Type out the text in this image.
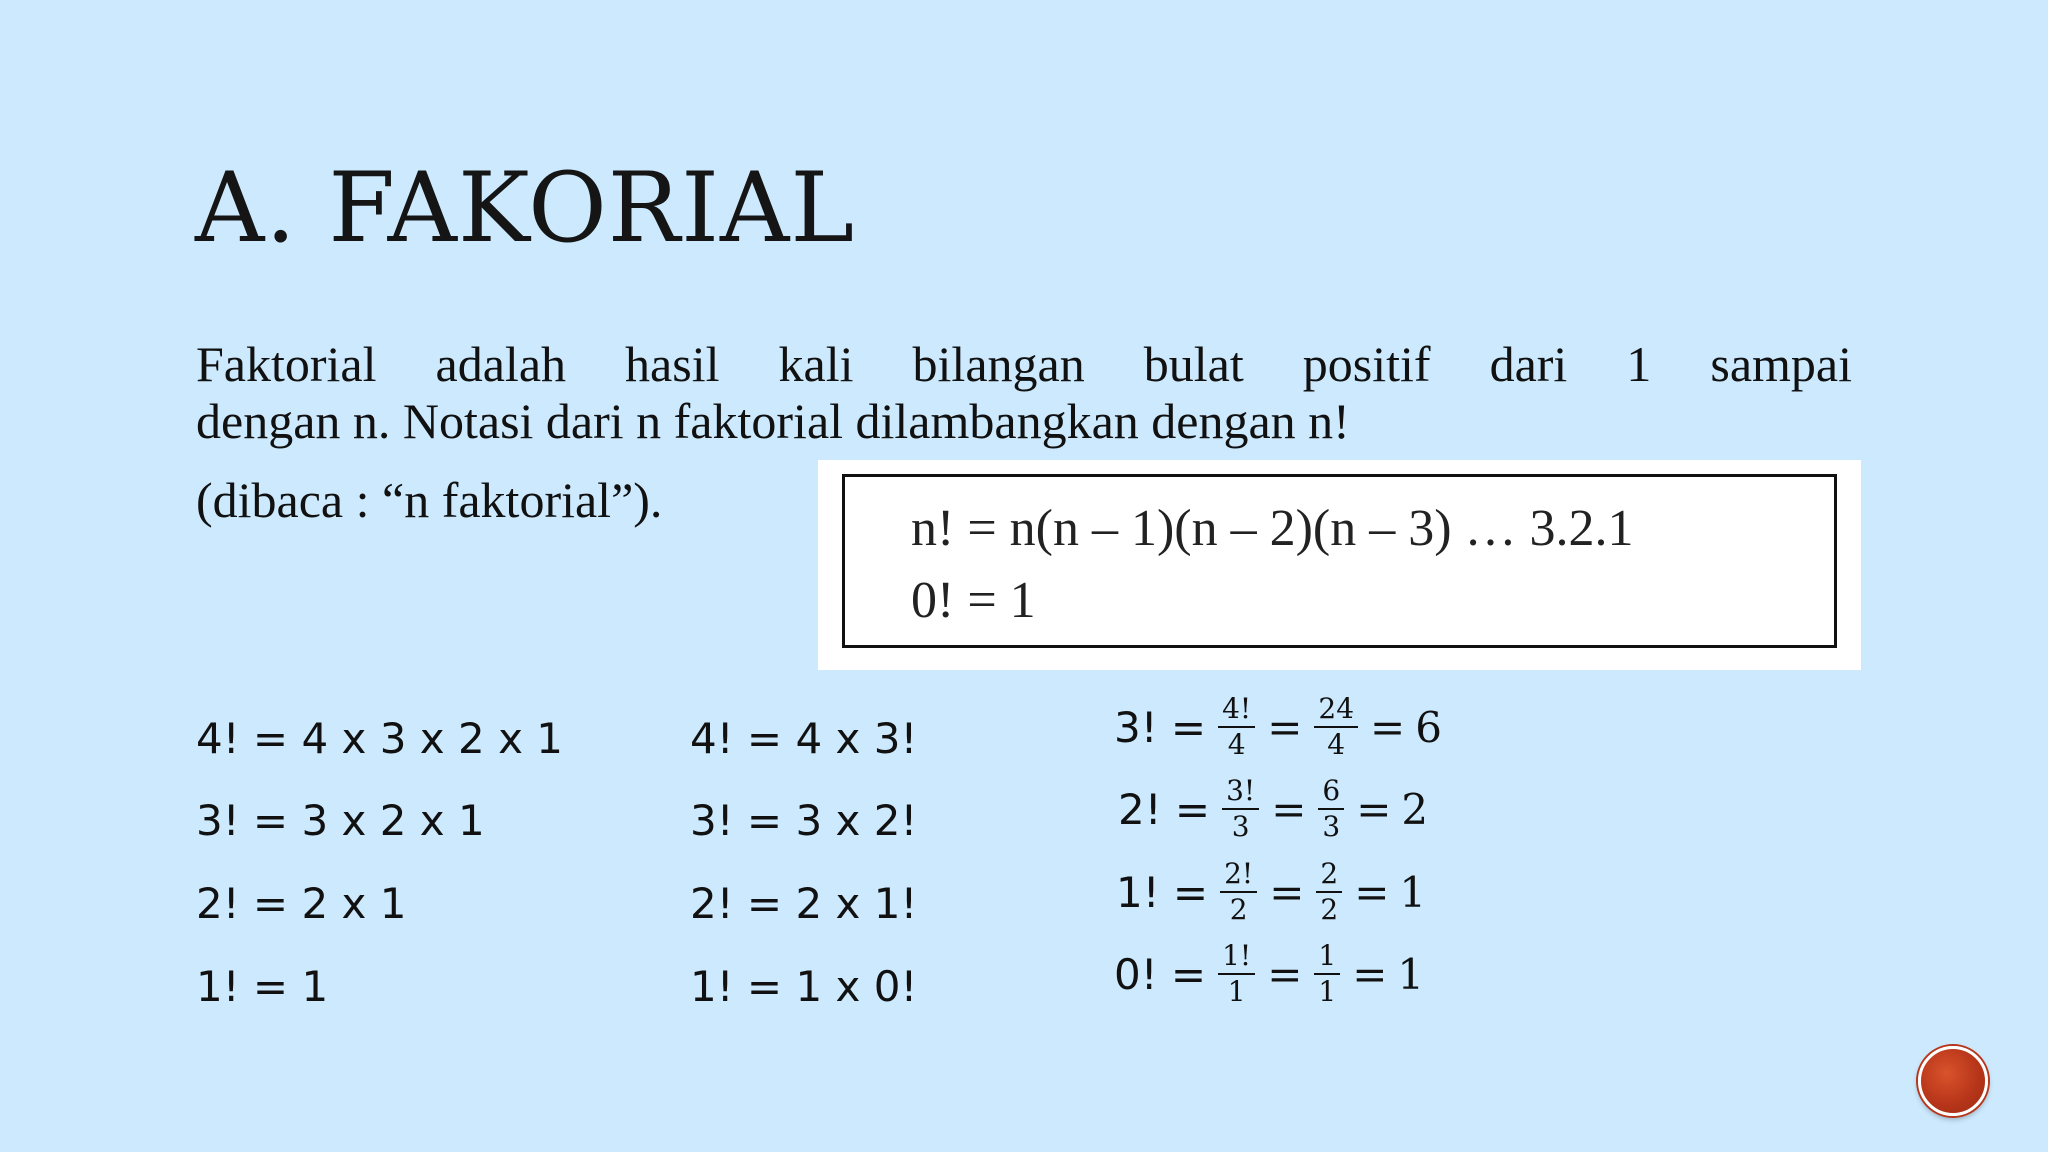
A. FAKORIAL
Faktorial adalah hasil kali bilangan bulat positif dari 1 sampai
dengan n. Notasi dari n faktorial dilambangkan dengan n!
(dibaca : “n faktorial”).	n! = n(n – 1)(n – 2)(n – 3) … 3.2.1
0! = 1
4! = 4 x 3 x 2 x 1
3! = 3 x 2 x 1
2! = 2 x 1
1! = 1
4! = 4 x 3!
3! = 3 x 2!
2! = 2 x 1!
1! = 1 x 0!
3! = $\frac{4!}{4} = \frac{24}{4} = 6$
2! = $\frac{3!}{3} = \frac{6}{3} = 2$
1! = $\frac{2!}{2} = \frac{2}{2} = 1$
0! = $\frac{1!}{1} = \frac{1}{1} = 1$
